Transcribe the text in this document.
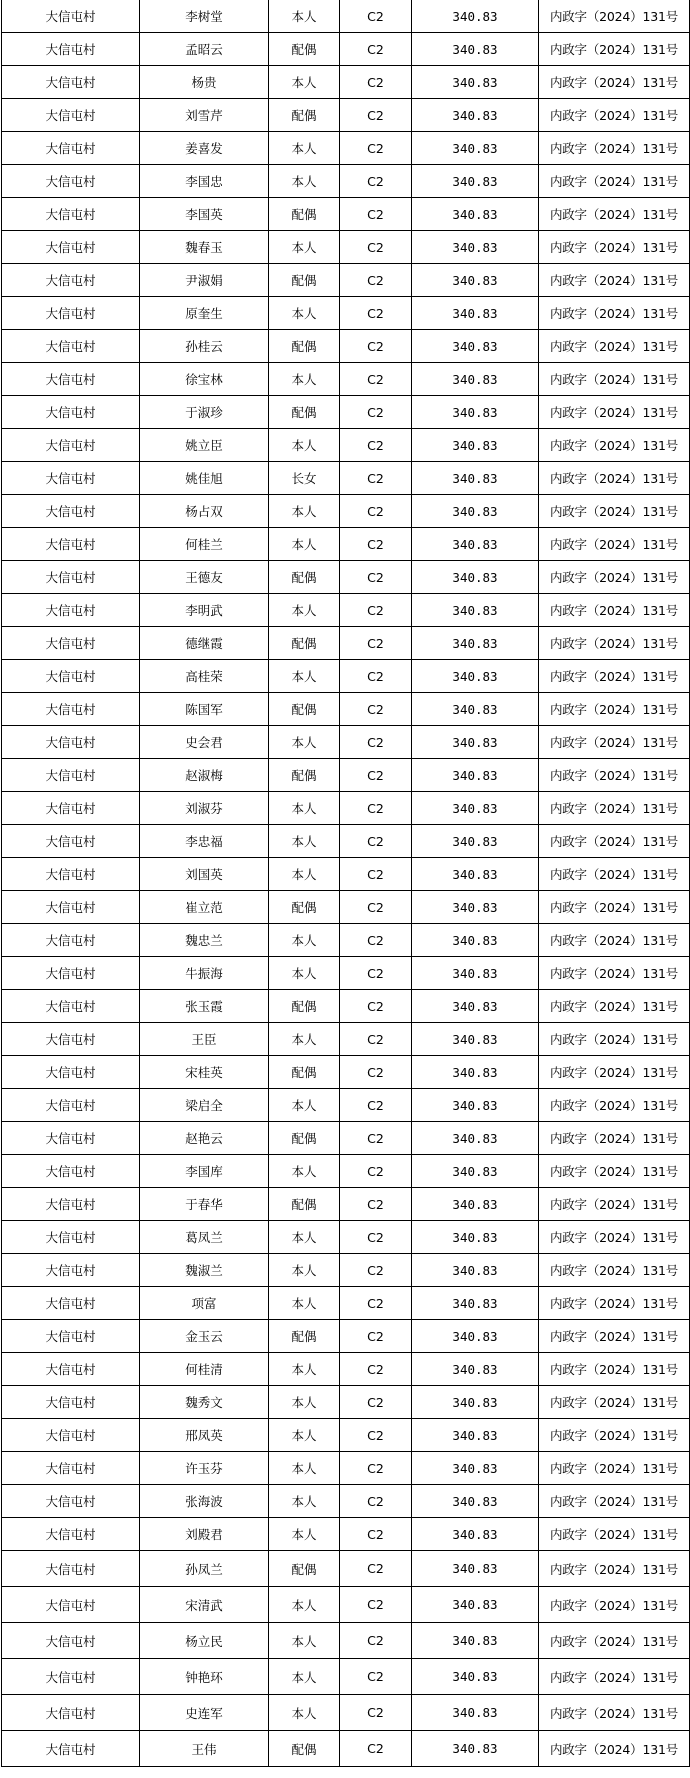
大信屯村	李树堂	本人	C2	340.83	内政字（2024）131号
大信屯村	孟昭云	配偶	C2	340.83	内政字（2024）131号
大信屯村	杨贵	本人	C2	340.83	内政字（2024）131号
大信屯村	刘雪芹	配偶	C2	340.83	内政字（2024）131号
大信屯村	姜喜发	本人	C2	340.83	内政字（2024）131号
大信屯村	李国忠	本人	C2	340.83	内政字（2024）131号
大信屯村	李国英	配偶	C2	340.83	内政字（2024）131号
大信屯村	魏春玉	本人	C2	340.83	内政字（2024）131号
大信屯村	尹淑娟	配偶	C2	340.83	内政字（2024）131号
大信屯村	原奎生	本人	C2	340.83	内政字（2024）131号
大信屯村	孙桂云	配偶	C2	340.83	内政字（2024）131号
大信屯村	徐宝林	本人	C2	340.83	内政字（2024）131号
大信屯村	于淑珍	配偶	C2	340.83	内政字（2024）131号
大信屯村	姚立臣	本人	C2	340.83	内政字（2024）131号
大信屯村	姚佳旭	长女	C2	340.83	内政字（2024）131号
大信屯村	杨占双	本人	C2	340.83	内政字（2024）131号
大信屯村	何桂兰	本人	C2	340.83	内政字（2024）131号
大信屯村	王德友	配偶	C2	340.83	内政字（2024）131号
大信屯村	李明武	本人	C2	340.83	内政字（2024）131号
大信屯村	德继霞	配偶	C2	340.83	内政字（2024）131号
大信屯村	高桂荣	本人	C2	340.83	内政字（2024）131号
大信屯村	陈国军	配偶	C2	340.83	内政字（2024）131号
大信屯村	史会君	本人	C2	340.83	内政字（2024）131号
大信屯村	赵淑梅	配偶	C2	340.83	内政字（2024）131号
大信屯村	刘淑芬	本人	C2	340.83	内政字（2024）131号
大信屯村	李忠福	本人	C2	340.83	内政字（2024）131号
大信屯村	刘国英	本人	C2	340.83	内政字（2024）131号
大信屯村	崔立范	配偶	C2	340.83	内政字（2024）131号
大信屯村	魏忠兰	本人	C2	340.83	内政字（2024）131号
大信屯村	牛振海	本人	C2	340.83	内政字（2024）131号
大信屯村	张玉霞	配偶	C2	340.83	内政字（2024）131号
大信屯村	王臣	本人	C2	340.83	内政字（2024）131号
大信屯村	宋桂英	配偶	C2	340.83	内政字（2024）131号
大信屯村	梁启全	本人	C2	340.83	内政字（2024）131号
大信屯村	赵艳云	配偶	C2	340.83	内政字（2024）131号
大信屯村	李国库	本人	C2	340.83	内政字（2024）131号
大信屯村	于春华	配偶	C2	340.83	内政字（2024）131号
大信屯村	葛凤兰	本人	C2	340.83	内政字（2024）131号
大信屯村	魏淑兰	本人	C2	340.83	内政字（2024）131号
大信屯村	项富	本人	C2	340.83	内政字（2024）131号
大信屯村	金玉云	配偶	C2	340.83	内政字（2024）131号
大信屯村	何桂清	本人	C2	340.83	内政字（2024）131号
大信屯村	魏秀文	本人	C2	340.83	内政字（2024）131号
大信屯村	邢凤英	本人	C2	340.83	内政字（2024）131号
大信屯村	许玉芬	本人	C2	340.83	内政字（2024）131号
大信屯村	张海波	本人	C2	340.83	内政字（2024）131号
大信屯村	刘殿君	本人	C2	340.83	内政字（2024）131号
大信屯村	孙凤兰	配偶	C2	340.83	内政字（2024）131号
大信屯村	宋清武	本人	C2	340.83	内政字（2024）131号
大信屯村	杨立民	本人	C2	340.83	内政字（2024）131号
大信屯村	钟艳环	本人	C2	340.83	内政字（2024）131号
大信屯村	史连军	本人	C2	340.83	内政字（2024）131号
大信屯村	王伟	配偶	C2	340.83	内政字（2024）131号
